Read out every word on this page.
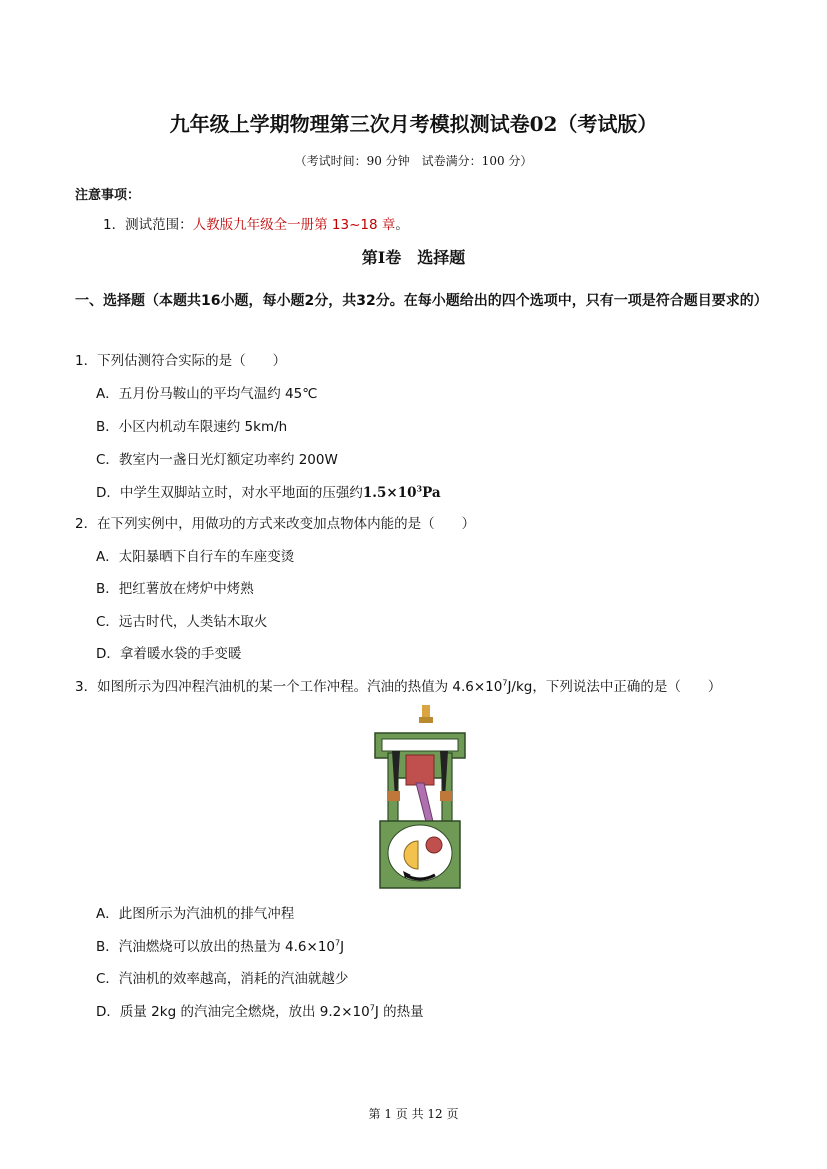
九年级上学期物理第三次月考模拟测试卷02（考试版）
（考试时间：90 分钟　试卷满分：100 分）
注意事项：
1．测试范围：人教版九年级全一册第 13~18 章。
第Ⅰ卷　选择题
一、选择题（本题共16小题，每小题2分，共32分。在每小题给出的四个选项中，只有一项是符合题目要求的）
1．下列估测符合实际的是（　　）
A．五月份马鞍山的平均气温约 45℃
B．小区内机动车限速约 5km/h
C．教室内一盏日光灯额定功率约 200W
D．中学生双脚站立时，对水平地面的压强约$1.5\times 10^3Pa$
2．在下列实例中，用做功的方式来改变加点物体内能的是（　　）
A．太阳暴晒下自行车的车座变烫
B．把红薯放在烤炉中烤熟
C．远古时代，人类钻木取火
D．拿着暖水袋的手变暖
3．如图所示为四冲程汽油机的某一个工作冲程。汽油的热值为 $4.6\times 10^7J/kg$，下列说法中正确的是（　　）
A．此图所示为汽油机的排气冲程
B．汽油燃烧可以放出的热量为 $4.6\times 10^7J$
C．汽油机的效率越高，消耗的汽油就越少
D．质量 2kg 的汽油完全燃烧，放出 $9.2\times 10^7J$ 的热量
第 1 页 共 12 页
